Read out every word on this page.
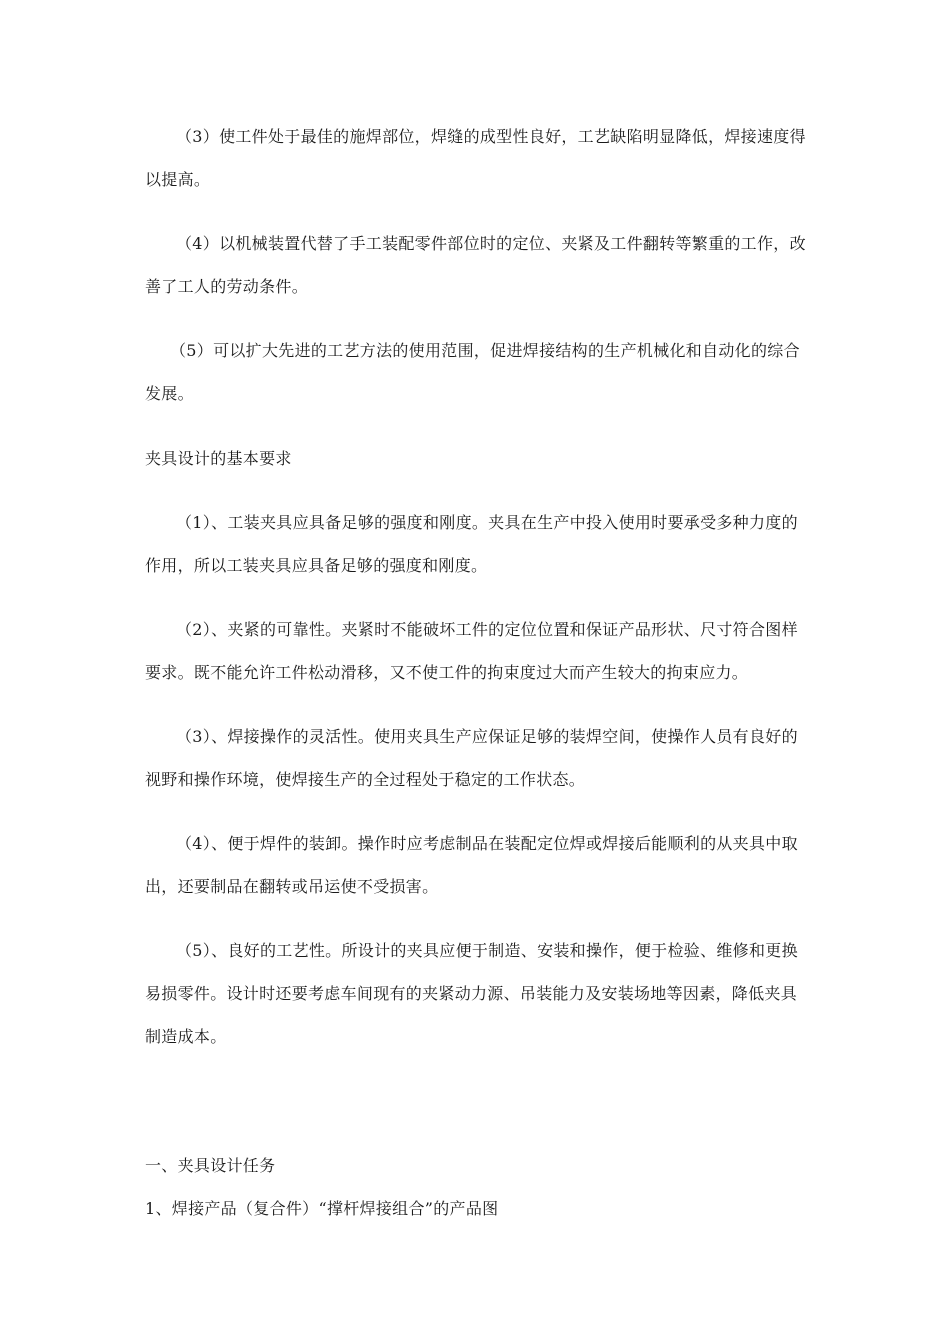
（3）使工件处于最佳的施焊部位，焊缝的成型性良好，工艺缺陷明显降低，焊接速度得
以提高。
（4）以机械装置代替了手工装配零件部位时的定位、夹紧及工件翻转等繁重的工作，改
善了工人的劳动条件。
（5）可以扩大先进的工艺方法的使用范围，促进焊接结构的生产机械化和自动化的综合
发展。
夹具设计的基本要求
（1）、工装夹具应具备足够的强度和刚度。夹具在生产中投入使用时要承受多种力度的
作用，所以工装夹具应具备足够的强度和刚度。
（2）、夹紧的可靠性。夹紧时不能破坏工件的定位位置和保证产品形状、尺寸符合图样
要求。既不能允许工件松动滑移，又不使工件的拘束度过大而产生较大的拘束应力。
（3）、焊接操作的灵活性。使用夹具生产应保证足够的装焊空间，使操作人员有良好的
视野和操作环境，使焊接生产的全过程处于稳定的工作状态。
（4）、便于焊件的装卸。操作时应考虑制品在装配定位焊或焊接后能顺利的从夹具中取
出，还要制品在翻转或吊运使不受损害。
（5）、良好的工艺性。所设计的夹具应便于制造、安装和操作，便于检验、维修和更换
易损零件。设计时还要考虑车间现有的夹紧动力源、吊装能力及安装场地等因素，降低夹具
制造成本。
一、夹具设计任务
1、焊接产品（复合件）“撑杆焊接组合”的产品图
